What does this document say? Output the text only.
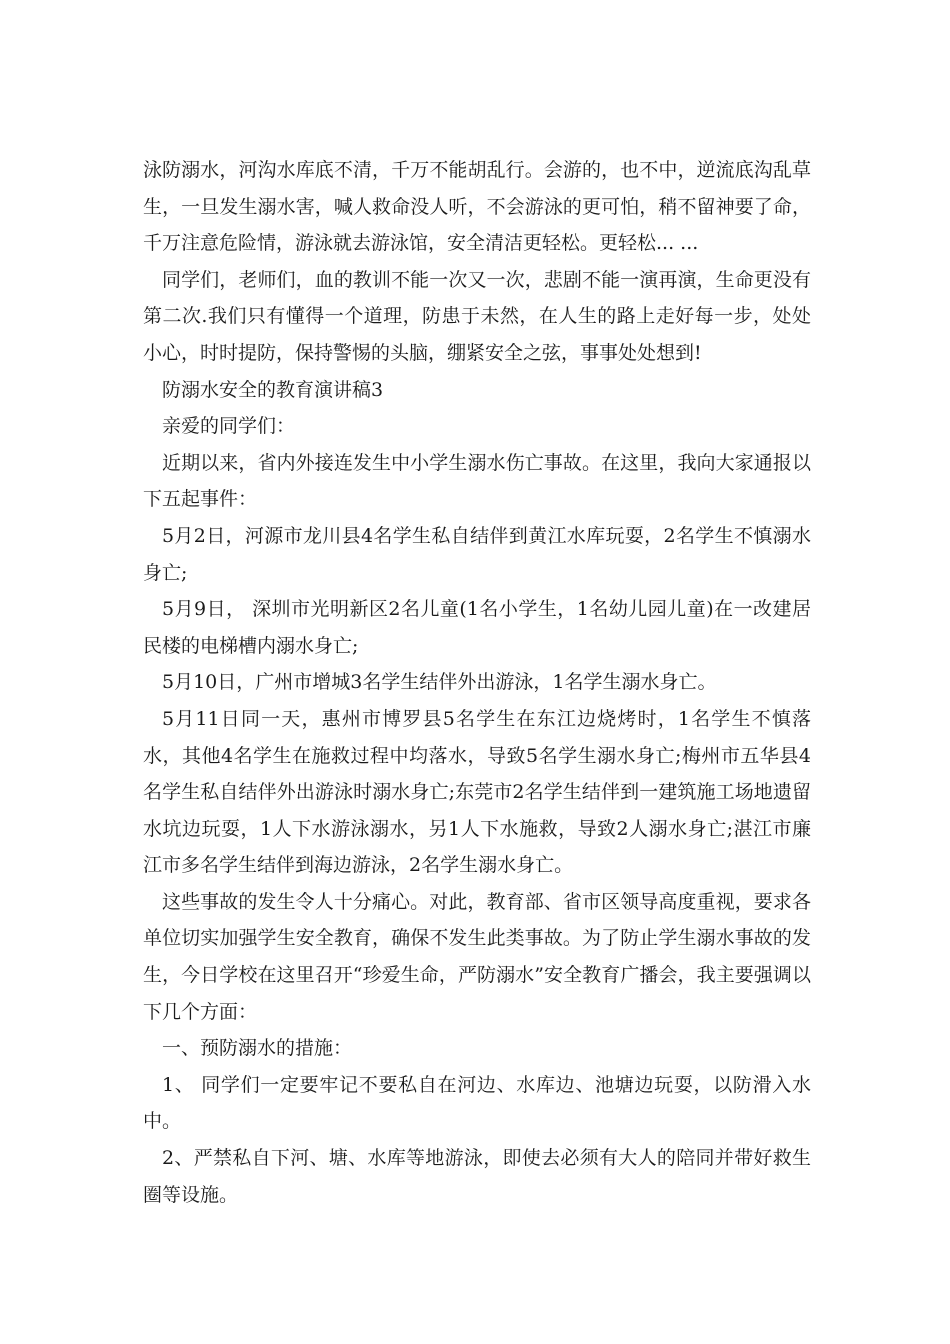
泳防溺水，河沟水库底不清，千万不能胡乱行。会游的，也不中，逆流底沟乱草生，一旦发生溺水害，喊人救命没人听，不会游泳的更可怕，稍不留神要了命，千万注意危险情，游泳就去游泳馆，安全清洁更轻松。更轻松... ...

同学们，老师们，血的教训不能一次又一次，悲剧不能一演再演，生命更没有第二次.我们只有懂得一个道理，防患于未然，在人生的路上走好每一步，处处小心，时时提防，保持警惕的头脑，绷紧安全之弦，事事处处想到!

防溺水安全的教育演讲稿3

亲爱的同学们：

近期以来，省内外接连发生中小学生溺水伤亡事故。在这里，我向大家通报以下五起事件：

5月2日，河源市龙川县4名学生私自结伴到黄江水库玩耍，2名学生不慎溺水身亡;

5月9日， 深圳市光明新区2名儿童(1名小学生，1名幼儿园儿童)在一改建居民楼的电梯槽内溺水身亡;

5月10日，广州市增城3名学生结伴外出游泳，1名学生溺水身亡。

5月11日同一天，惠州市博罗县5名学生在东江边烧烤时，1名学生不慎落水，其他4名学生在施救过程中均落水，导致5名学生溺水身亡;梅州市五华县4名学生私自结伴外出游泳时溺水身亡;东莞市2名学生结伴到一建筑施工场地遗留水坑边玩耍，1人下水游泳溺水，另1人下水施救，导致2人溺水身亡;湛江市廉江市多名学生结伴到海边游泳，2名学生溺水身亡。

这些事故的发生令人十分痛心。对此，教育部、省市区领导高度重视，要求各单位切实加强学生安全教育，确保不发生此类事故。为了防止学生溺水事故的发生，今日学校在这里召开“珍爱生命，严防溺水”安全教育广播会，我主要强调以下几个方面：

一、预防溺水的措施：

1、 同学们一定要牢记不要私自在河边、水库边、池塘边玩耍，以防滑入水中。

2、严禁私自下河、塘、水库等地游泳，即使去必须有大人的陪同并带好救生圈等设施。
